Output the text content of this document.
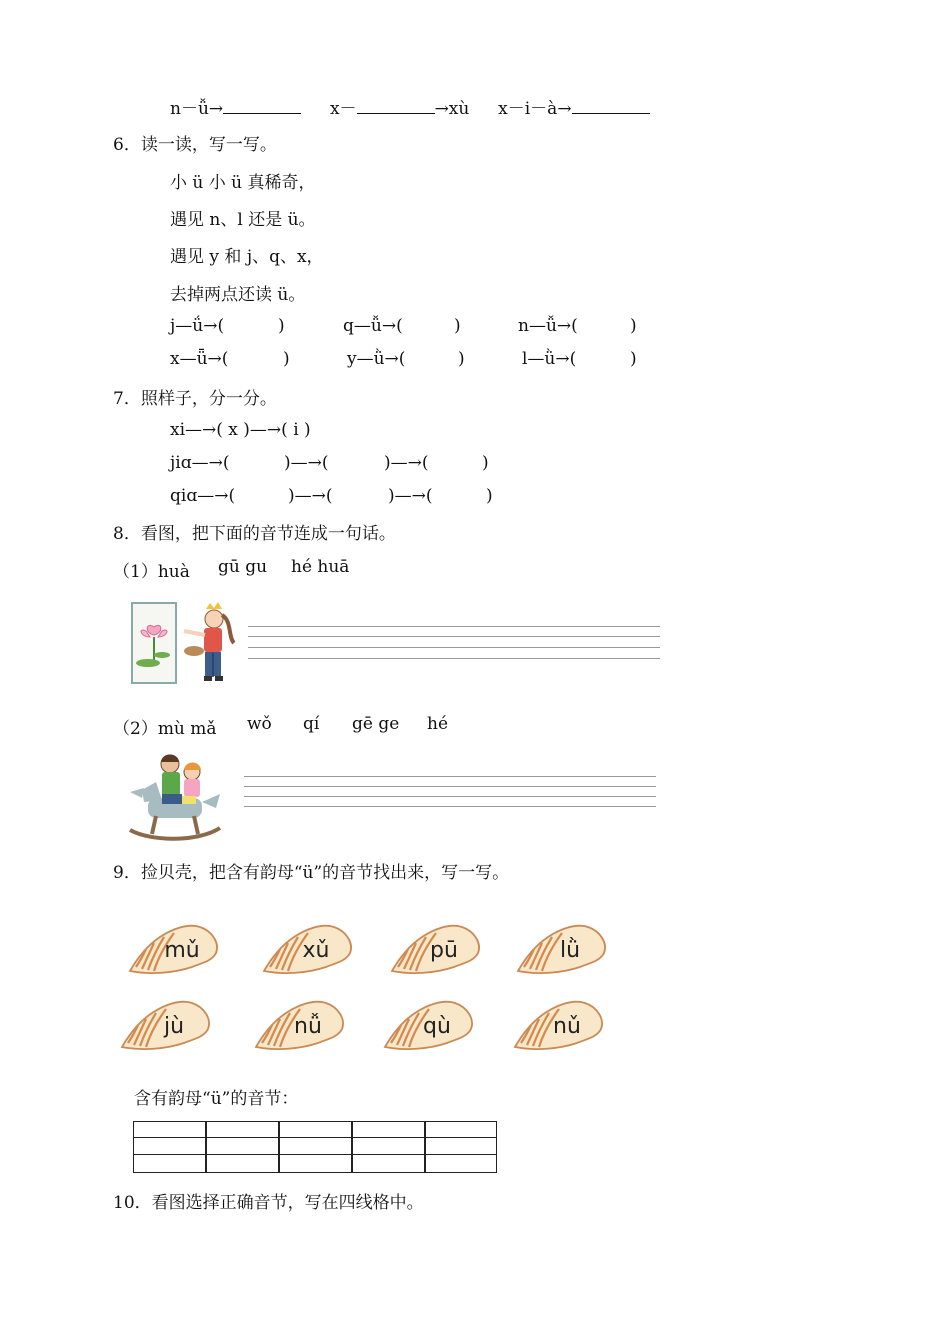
n－ǚ→	x－	→xù x－i－à→
6．读一读，写一写。
小 ü 小 ü 真稀奇，
遇见 n、l 还是 ü。
遇见 y 和 j、q、x，
去掉两点还读 ü。
j—ǘ→(	)	q—ǚ→(	)	n—ǚ→(	)
x—ǖ→(	)	y—ǜ→(	)	l—ǜ→(	)
7．照样子，分一分。
xi—→( x )—→( i )
jiɑ—→(	)—→(	)—→(	)
qiɑ—→(	)—→(	)—→(	)
8．看图，把下面的音节连成一句话。
（1）huà gū gu hé huā
（2）mù mǎ wǒ qí gē ge hé
9．捡贝壳，把含有韵母“ü”的音节找出来，写一写。
mǔ	xǔ	pū	lǜ
jù	nǚ	qù	nǔ
含有韵母“ü”的音节：
10．看图选择正确音节，写在四线格中。
